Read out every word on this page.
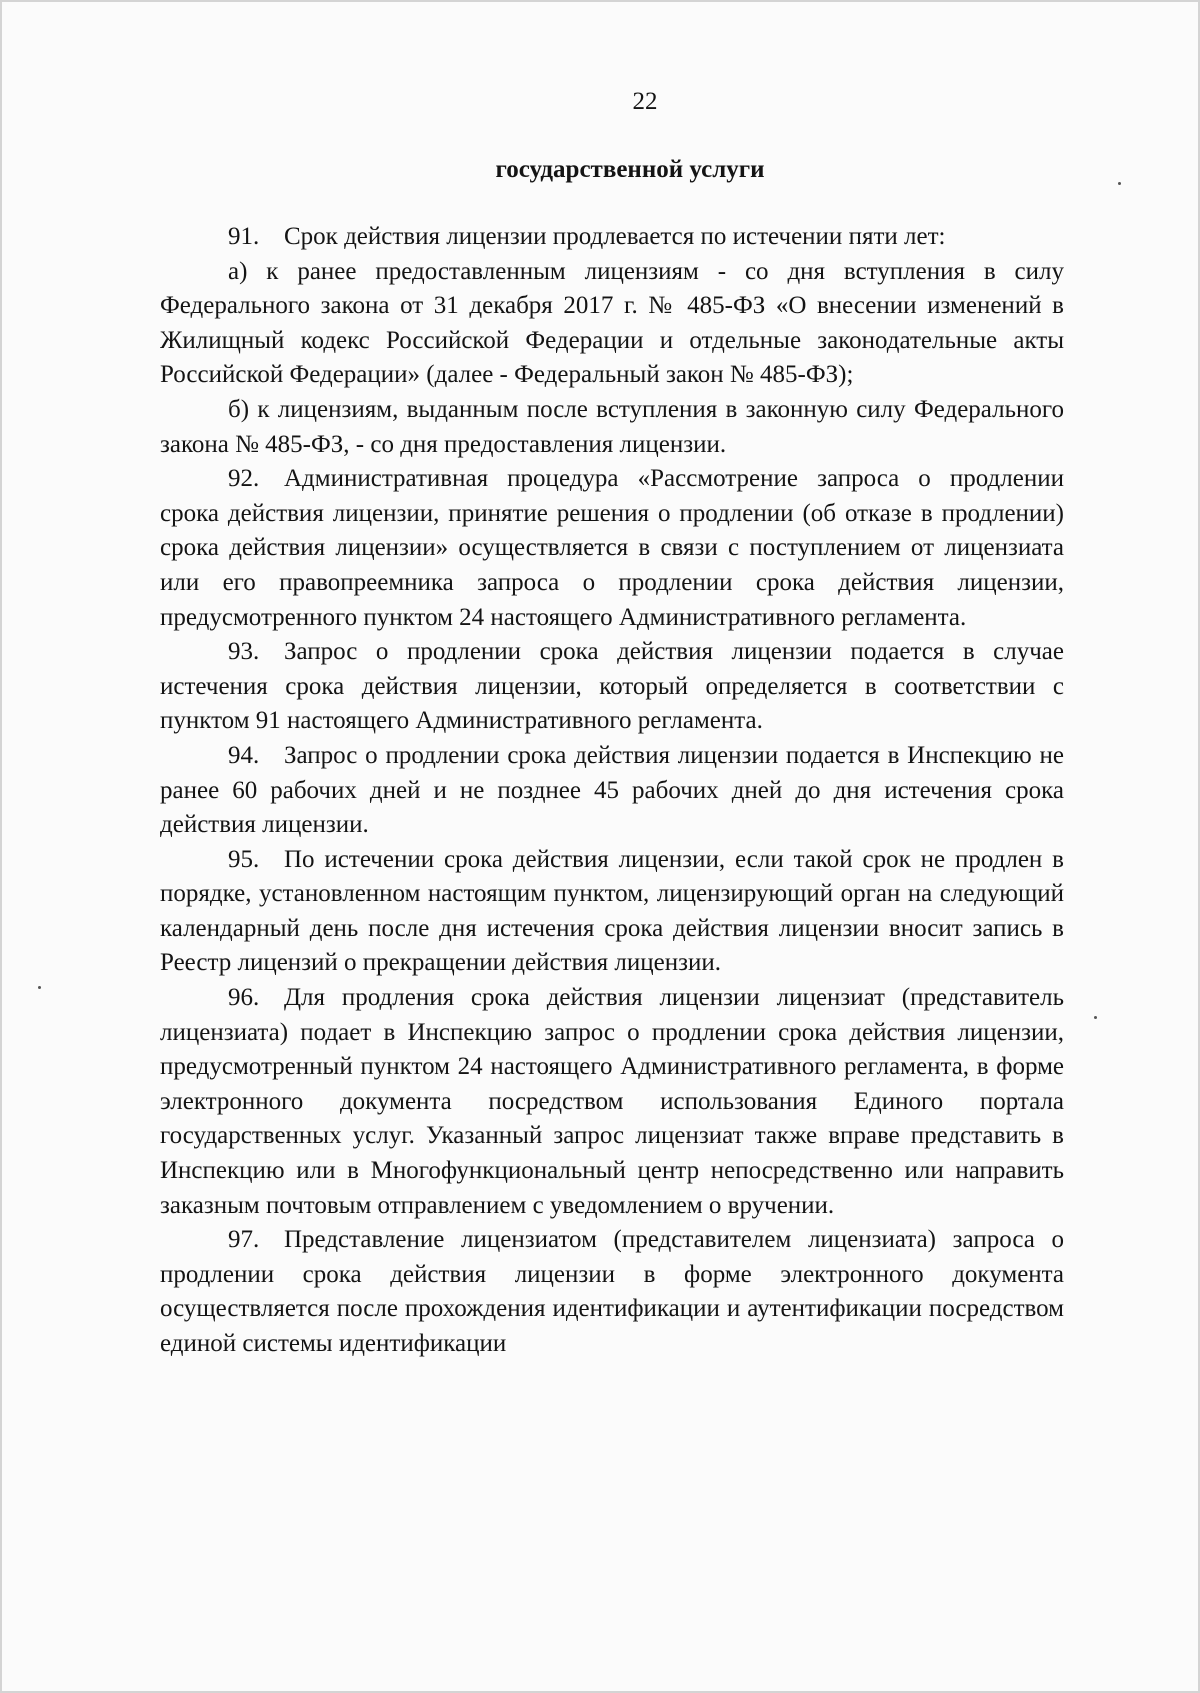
22
государственной услуги

91. Срок действия лицензии продлевается по истечении пяти лет:

а) к ранее предоставленным лицензиям - со дня вступления в силу Федерального закона от 31 декабря 2017 г. № 485-ФЗ «О внесении изменений в Жилищный кодекс Российской Федерации и отдельные законодательные акты Российской Федерации» (далее - Федеральный закон № 485-ФЗ);

б) к лицензиям, выданным после вступления в законную силу Федерального закона № 485-ФЗ, - со дня предоставления лицензии.

92. Административная процедура «Рассмотрение запроса о продлении срока действия лицензии, принятие решения о продлении (об отказе в продлении) срока действия лицензии» осуществляется в связи с поступлением от лицензиата или его правопреемника запроса о продлении срока действия лицензии, предусмотренного пунктом 24 настоящего Административного регламента.

93. Запрос о продлении срока действия лицензии подается в случае истечения срока действия лицензии, который определяется в соответствии с пунктом 91 настоящего Административного регламента.

94. Запрос о продлении срока действия лицензии подается в Инспекцию не ранее 60 рабочих дней и не позднее 45 рабочих дней до дня истечения срока действия лицензии.

95. По истечении срока действия лицензии, если такой срок не продлен в порядке, установленном настоящим пунктом, лицензирующий орган на следующий календарный день после дня истечения срока действия лицензии вносит запись в Реестр лицензий о прекращении действия лицензии.

96. Для продления срока действия лицензии лицензиат (представитель лицензиата) подает в Инспекцию запрос о продлении срока действия лицензии, предусмотренный пунктом 24 настоящего Административного регламента, в форме электронного документа посредством использования Единого портала государственных услуг. Указанный запрос лицензиат также вправе представить в Инспекцию или в Многофункциональный центр непосредственно или направить заказным почтовым отправлением с уведомлением о вручении.

97. Представление лицензиатом (представителем лицензиата) запроса о продлении срока действия лицензии в форме электронного документа осуществляется после прохождения идентификации и аутентификации посредством единой системы идентификации
